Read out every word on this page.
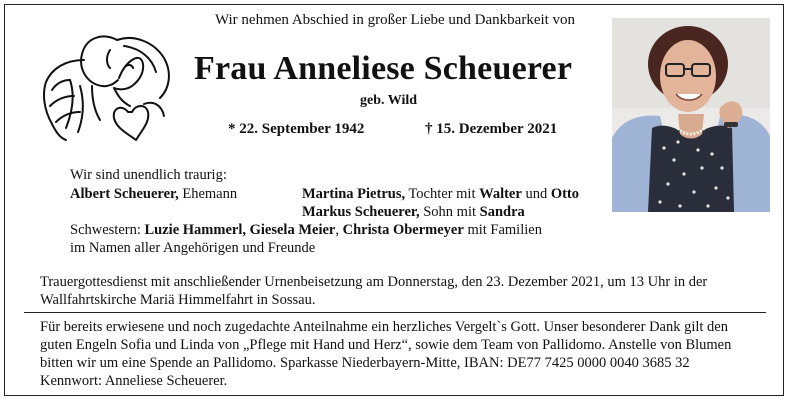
Wir nehmen Abschied in großer Liebe und Dankbarkeit von
Frau Anneliese Scheuerer
geb. Wild
* 22. September 1942	† 15. Dezember 2021
Wir sind unendlich traurig:
Albert Scheuerer, Ehemann	Martina Pietrus, Tochter mit Walter und Otto
Markus Scheuerer, Sohn mit Sandra
Schwestern: Luzie Hammerl, Giesela Meier, Christa Obermeyer mit Familien
im Namen aller Angehörigen und Freunde
Trauergottesdienst mit anschließender Urnenbeisetzung am Donnerstag, den 23. Dezember 2021, um 13 Uhr in der
Wallfahrtskirche Mariä Himmelfahrt in Sossau.
Für bereits erwiesene und noch zugedachte Anteilnahme ein herzliches Vergelt`s Gott. Unser besonderer Dank gilt den
guten Engeln Sofia und Linda von „Pflege mit Hand und Herz“, sowie dem Team von Pallidomo. Anstelle von Blumen
bitten wir um eine Spende an Pallidomo. Sparkasse Niederbayern-Mitte, IBAN: DE77 7425 0000 0040 3685 32
Kennwort: Anneliese Scheuerer.
